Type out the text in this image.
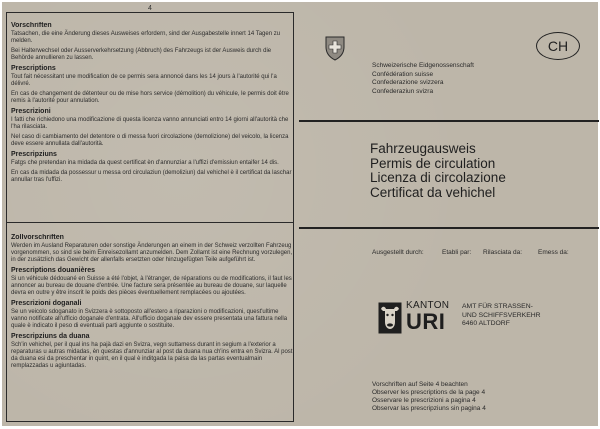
4
Vorschriften
Tatsachen, die eine Änderung dieses Ausweises erfordern, sind der Ausgabestelle innert 14 Tagen zu melden.
Bei Halterwechsel oder Ausserverkehrsetzung (Abbruch) des Fahrzeugs ist der Ausweis durch die Behörde annullieren zu lassen.
Prescriptions
Tout fait nécessitant une modification de ce permis sera annoncé dans les 14 jours à l'autorité qui l'a délivré.
En cas de changement de détenteur ou de mise hors service (démolition) du véhicule, le permis doit être remis à l'autorité pour annulation.
Prescrizioni
I fatti che richiedono una modificazione di questa licenza vanno annunciati entro 14 giorni all'autorità che l'ha rilasciata.
Nel caso di cambiamento del detentore o di messa fuori circolazione (demolizione) del veicolo, la licenza deve essere annullata dall'autorità.
Prescripziuns
Fatgs che pretendan ina midada da quest certificat èn d'annunziar a l'uffizi d'emissiun entaifer 14 dis.
En cas da midada da possessur u messa ord circulaziun (demoliziun) dal vehichel è il certificat da laschar annullar tras l'uffizi.
Zollvorschriften
Werden im Ausland Reparaturen oder sonstige Änderungen an einem in der Schweiz verzollten Fahrzeug vorgenommen, so sind sie beim Einreisezollamt anzumelden. Dem Zollamt ist eine Rechnung vorzulegen, in der zusätzlich das Gewicht der allenfalls ersetzten oder hinzugefügten Teile aufgeführt ist.
Prescriptions douanières
Si un véhicule dédouané en Suisse a été l'objet, à l'étranger, de réparations ou de modifications, il faut les annoncer au bureau de douane d'entrée. Une facture sera présentée au bureau de douane, sur laquelle devra en outre y être inscrit le poids des pièces éventuellement remplacées ou ajoutées.
Prescrizioni doganali
Se un veicolo sdoganato in Svizzera è sottoposto all'estero a riparazioni o modificazioni, quest'ultime vanno notificate all'ufficio doganale d'entrata. All'ufficio doganale dev essere presentata una fattura nella quale è indicato il peso di eventuali parti aggiunte o sostituite.
Prescripziuns da duana
Sch'in vehichel, per il qual ins ha pajà dazi en Svizra, vegn suttamess durant in segium a l'exterior a reparaturas u autras midadas, èn questas d'annunziar al post da duana nua ch'ins entra en Svizra. Al post da duana esi da preschentar in quint, en il qual è inditgada la paisa da las partas eventualmain remplazzadas u agiuntadas.
Schweizerische Eidgenossenschaft
Confédération suisse
Confederazione svizzera
Confederaziun svizra
CH
Fahrzeugausweis
Permis de circulation
Licenza di circolazione
Certificat da vehichel
Ausgestellt durch:	Etabli par: Rilasciata da: Emess da:
KANTON
URI
AMT FÜR STRASSEN-
UND SCHIFFSVERKEHR
6460 ALTDORF
Vorschriften auf Seite 4 beachten
Observer les prescriptions de la page 4
Osservare le prescrizioni a pagina 4
Observar las prescripziuns sin pagina 4
